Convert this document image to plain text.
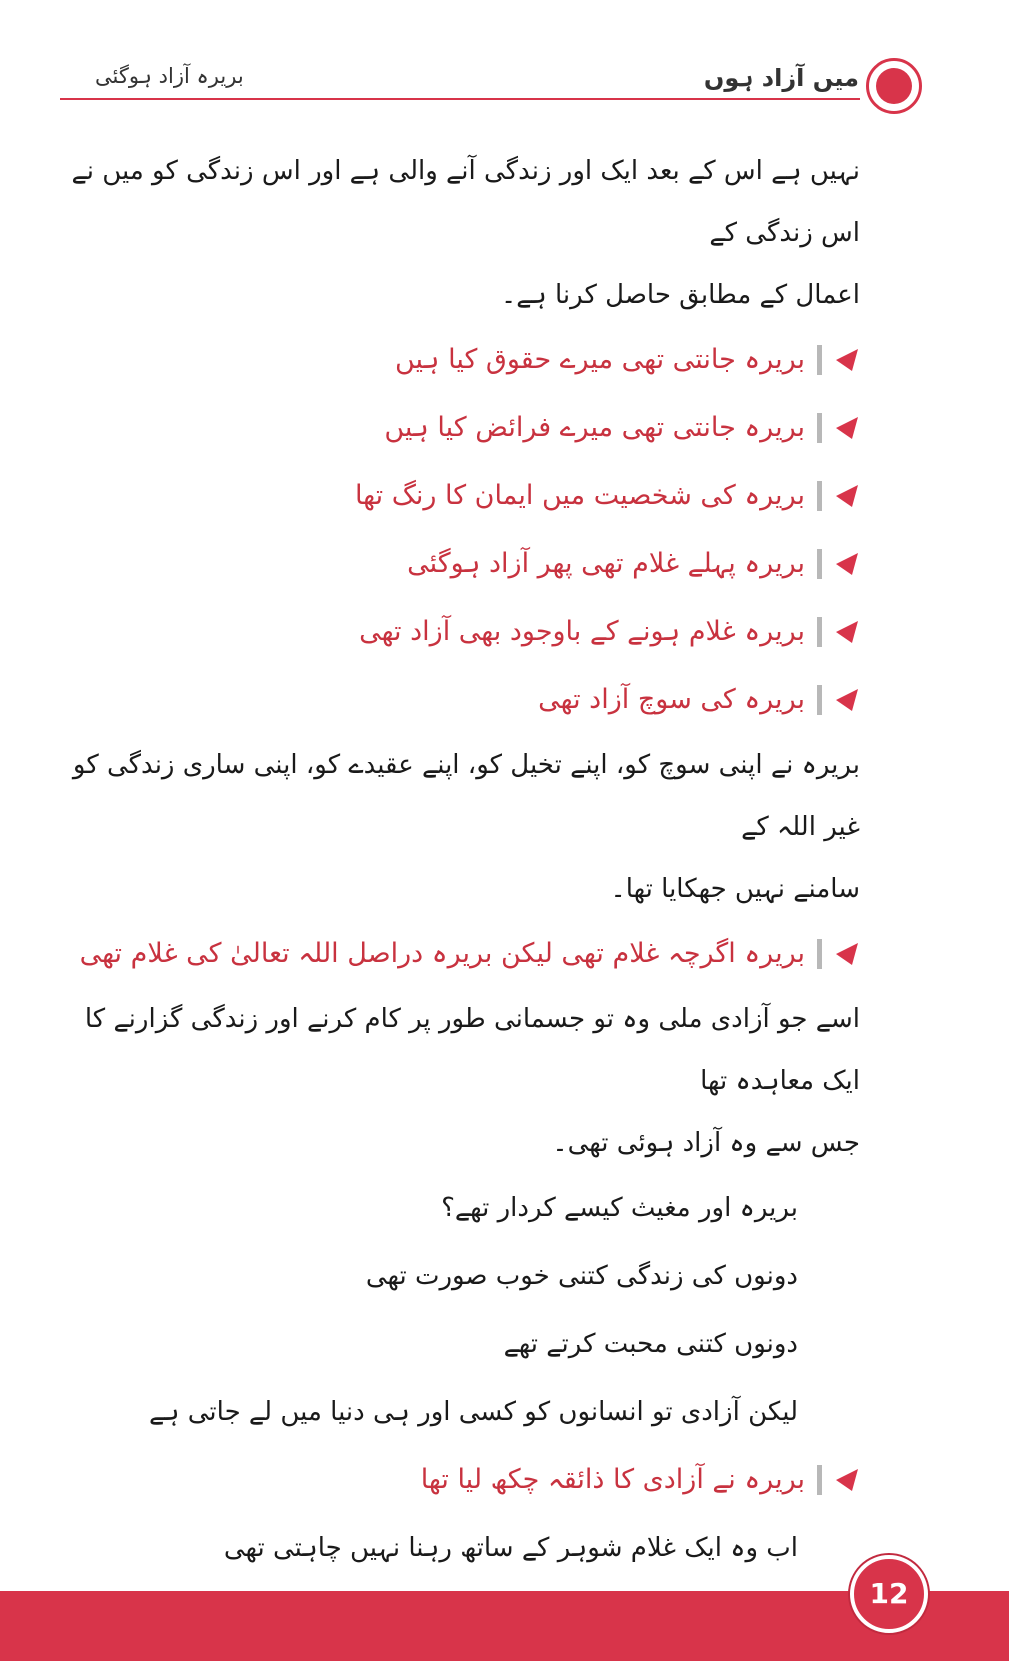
بریرہ آزاد ہوگئی	میں آزاد ہوں
نہیں ہے اس کے بعد ایک اور زندگی آنے والی ہے اور اس زندگی کو میں نے اس زندگی کے
اعمال کے مطابق حاصل کرنا ہے۔
بریرہ جانتی تھی میرے حقوق کیا ہیں
بریرہ جانتی تھی میرے فرائض کیا ہیں
بریرہ کی شخصیت میں ایمان کا رنگ تھا
بریرہ پہلے غلام تھی پھر آزاد ہوگئی
بریرہ غلام ہونے کے باوجود بھی آزاد تھی
بریرہ کی سوچ آزاد تھی
بریرہ نے اپنی سوچ کو، اپنے تخیل کو، اپنے عقیدے کو، اپنی ساری زندگی کو غیر اللہ کے
سامنے نہیں جھکایا تھا۔
بریرہ اگرچہ غلام تھی لیکن بریرہ دراصل اللہ تعالیٰ کی غلام تھی
اسے جو آزادی ملی وہ تو جسمانی طور پر کام کرنے اور زندگی گزارنے کا ایک معاہدہ تھا
جس سے وہ آزاد ہوئی تھی۔
بریرہ اور مغیث کیسے کردار تھے؟
دونوں کی زندگی کتنی خوب صورت تھی
دونوں کتنی محبت کرتے تھے
لیکن آزادی تو انسانوں کو کسی اور ہی دنیا میں لے جاتی ہے
بریرہ نے آزادی کا ذائقہ چکھ لیا تھا
اب وہ ایک غلام شوہر کے ساتھ رہنا نہیں چاہتی تھی
12
